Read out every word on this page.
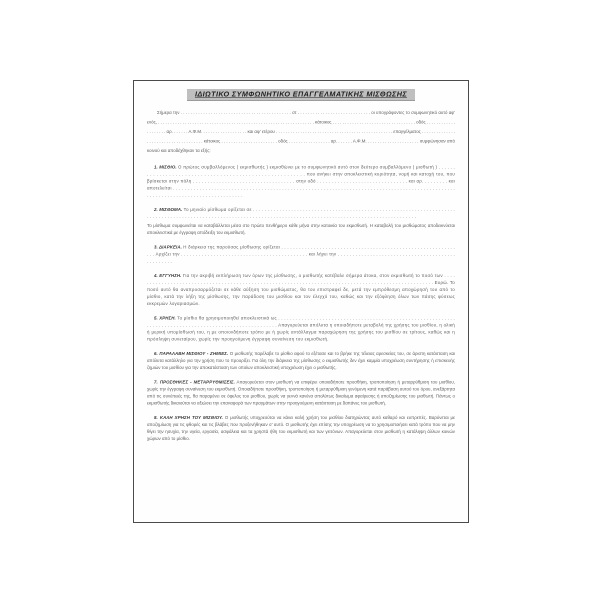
ΙΔΙΩΤΙΚΟ ΣΥΜΦΩΝΗΤΙΚΟ ΕΠΑΓΓΕΛΜΑΤΙΚΗΣ ΜΙΣΘΩΣΗΣ

Σήμερα την . . . . . . . . . . . . . . . . . . . . . . . . . . . . . . . . . . . . . . . . . . . . στ . . . . . . . . . . . . . . . . . . . . . . . . . . . . . οι υπογράφοντες το συμφωνητικό αυτό αφ' ενός, . . . . . . . . . . . . . . . . . . . . . . . . . . . . . . . . . . . . . . . . . . . . . . . . . . . . . . . . . . . . . . . . κάτοικος . . . . . . . . . . . . . . . . . . . . . . . . . . . . . . . . . . οδός . . . . . . . . . . . . . . . . . . . . αρ. . . . . . . Α.Φ.Μ. . . . . . . . . . . . . . . . . . . και αφ' ετέρου . . . . . . . . . . . . . . . . . . . . . . . . . . . . . . . . . . . . . . . . . . . . . . . . επαγγέλματος . . . . . . . . . . . . . . . . . . . . . . . . . . . . . . . . . . . . . κάτοικος . . . . . . . . . . . . . . . . . . . . . . . οδός . . . . . . . . . . . . . . . . . αρ. . . . . . . Α.Φ.Μ. . . . . . . . . . . . . . . . . . . . . . συμφώνησαν από κοινού και αποδέχθηκαν τα εξής:

1. ΜΙΣΘΙΟ. Ο πρώτος συμβαλλόμενος ( εκμισθωτής ) εκμισθώνει με το συμφωνητικό αυτό στον δεύτερο συμβαλλόμενο ( μισθωτή ) . . . . . . . . . . . . . . . . . . . . . . . . . . . . . . . . . . . . . . . . . . . . . . . . . . . . . . . . που ανήκει στην αποκλειστική κυριότητα, νομή και κατοχή του, που βρίσκεται στην πόλη . . . . . . . . . . . . . . . . . . . . . . . . . . . . . . . . . . . στην οδό . . . . . . . . . . . . . . . . . . . . . . . . . . . . . . . και αρ. . . . . . . . . και αποτελείται . . . . . . . . . . . . . . . . . . . . . . . . . . . . . . . . . . . . . . . . . . . . . . . . . . . . . . . . . . . . . . . . . . . . . . . . . . . . . . . . . . . . . . . . . . . . . . . . . . . . . . . . . . . . . . . . . . . . . . . . . . . . . . . . .

2. ΜΙΣΘΩΜΑ. Το μηνιαίο μίσθωμα ορίζεται σε . . . . . . . . . . . . . . . . . . . . . . . . . . . . . . . . . . . . . . . . . . . . . . . . . . . . . . . . . . . . . . . . . . . . . . . . . . . . . . . . . . . . . . . . . . . . . . . . . . . . . . . . . . . . . . . . . . . . . . . . . . . . . . . . . . . . . . . . . . . . . . . . . . . . . . . . . . . . . . . . .

Το μίσθωμα συμφωνείται να καταβάλλεται μέσα στο πρώτο πενθήμερο κάθε μήνα στην κατοικία του εκμισθωτή. Η καταβολή του μισθώματος αποδεικνύεται αποκλειστικά με έγγραφη απόδειξη του εκμισθωτή.

3. ΔΙΑΡΚΕΙΑ. Η διάρκεια της παρούσας μίσθωσης ορίζεται . . . . . . . . . . . . . . . . . . . . . . . . . . . . . . . . . . . . . . . . . . . . . . . . . . . . . . . . . . . . . . Αρχίζει την . . . . . . . . . . . . . . . . . . . . . . . . . . . . . . . . . . . . . . . . . . . και λήγει την . . . . . . . . . . . . . . . . . . . . . . . . . . . . . . . . . . . . . . . . . . . . . . . . .

4. ΕΓΓΥΗΣΗ. Για την ακριβή εκπλήρωση των όρων της μίσθωσης, ο μισθωτής κατέβαλε σήμερα άτοκα, στον εκμισθωτή το ποσό των . . . . . . . . . . . . . . . . . . . . . . . . . . . . . . . . . . . . . . . . . . . . . . . . . . . . . . . . . . . . . . . . . . . . . . . . . . . . . . . . . . . . . . . . . . . . . . . . . . . . Ευρώ. Το ποσό αυτό θα αναπροσαρμόζεται σε κάθε αύξηση του μισθώματος, θα του επιστραφεί δε, μετά την εμπρόθεσμη αποχώρησή του από το μίσθιο, κατά την λήξη της μίσθωσης, την παράδοση του μισθίου και τον έλεγχό του, καθώς και την εξόφληση όλων των πάσης φύσεως εκκρεμών λογαριασμών.

5. ΧΡΗΣΗ. Το μίσθιο θα χρησιμοποιηθεί αποκλειστικά ως . . . . . . . . . . . . . . . . . . . . . . . . . . . . . . . . . . . . . . . . . . . . . . . . . . . . . . . . . . . . . . . . . . . . . . . . . . . . . . . . . . . . . . . . . . . . . . . . . . . . . . . . Απαγορεύεται απόλυτα η οποιαδήποτε μεταβολή της χρήσης του μισθίου, η ολική ή μερική υπομίσθωσή του, η με οποιονδήποτε τρόπο με ή χωρίς αντάλλαγμα παραχώρηση της χρήσης του μισθίου σε τρίτους, καθώς και η πρόσληψη συνεταίρου, χωρίς την προηγούμενη έγγραφη συναίνεση του εκμισθωτή.

6. ΠΑΡΑΛΑΒΗ ΜΙΣΘΙΟΥ - ΖΗΜΙΕΣ. Ο μισθωτής παρέλαβε το μίσθιο αφού το εξέτασε και το βρήκε της τέλειας αρεσκείας του, σε άριστη κατάσταση και απόλυτα κατάλληλο για την χρήση που το προορίζει. Για όλη την διάρκεια της μίσθωσης ο εκμισθωτής δεν έχει καμμία υποχρέωση συντήρησης ή επισκευής ζημιών του μισθίου για την αποκατάσταση των οποίων αποκλειστική υποχρέωση έχει ο μισθωτής.

7. ΠΡΟΣΘΗΚΕΣ - ΜΕΤΑΡΡΥΘΜΙΣΕΙΣ. Απαγορεύεται στον μισθωτή να επιφέρει οποιαδήποτε προσθήκη, τροποποίηση ή μεταρρύθμιση του μισθίου, χωρίς την έγγραφη συναίνεση του εκμισθωτή. Οποιαδήποτε προσθήκη, τροποποίηση ή μεταρρύθμιση γενόμενη κατά παράβαση αυτού του όρου, ανεξάρτητα από τις συνέπειές της, θα παραμένει σε όφελος του μισθίου, χωρίς να γεννά κανένα απολύτως δικαίωμα αφαίρεσης ή αποζημίωσης του μισθωτή. Πάντως ο εκμισθωτής δικαιούται να αξιώσει την επαναφορά των πραγμάτων στην προηγούμενη κατάσταση με δαπάνες του μισθωτή.

8. ΚΑΛΗ ΧΡΗΣΗ ΤΟΥ ΜΙΣΘΙΟΥ. Ο μισθωτής υποχρεούται να κάνει καλή χρήση του μισθίου διατηρώντας αυτό καθαρό και ευπρεπές. Βαρύνεται με αποζημίωση για τις φθορές και τις βλάβες που προξενήθηκαν σ' αυτό. Ο μισθωτής έχει επίσης την υποχρέωση να το χρησιμοποιήσει κατά τρόπο που να μην θίγει την ησυχία, την υγεία, εργασία, ασφάλεια και τα χρηστά ήθη του εκμισθωτή και των γειτόνων. Απαγορεύεται στον μισθωτή η κατάληψη άλλων κοινών χώρων από το μίσθιο.
